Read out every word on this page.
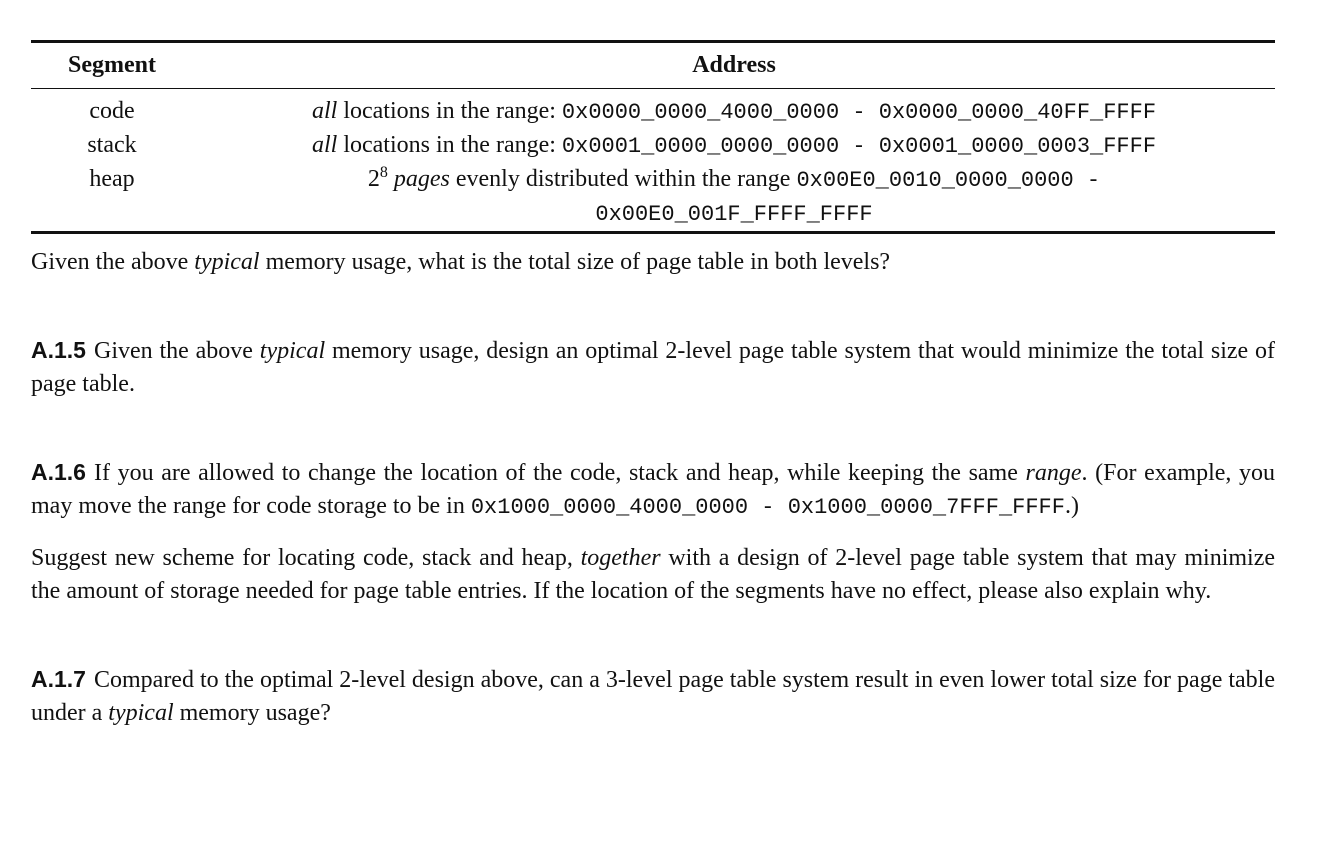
Segment	Address
code	all locations in the range: 0x0000_0000_4000_0000 - 0x0000_0000_40FF_FFFF
stack	all locations in the range: 0x0001_0000_0000_0000 - 0x0001_0000_0003_FFFF
heap	$2^8$ pages evenly distributed within the range 0x00E0_0010_0000_0000 -
0x00E0_001F_FFFF_FFFF

Given the above typical memory usage, what is the total size of page table in both levels?

A.1.5 Given the above typical memory usage, design an optimal 2-level page table system that would minimize the total size of page table.

A.1.6 If you are allowed to change the location of the code, stack and heap, while keeping the same range. (For example, you may move the range for code storage to be in 0x1000_0000_4000_0000 - 0x1000_0000_7FFF_FFFF.)

Suggest new scheme for locating code, stack and heap, together with a design of 2-level page table system that may minimize the amount of storage needed for page table entries. If the location of the segments have no effect, please also explain why.

A.1.7 Compared to the optimal 2-level design above, can a 3-level page table system result in even lower total size for page table under a typical memory usage?
